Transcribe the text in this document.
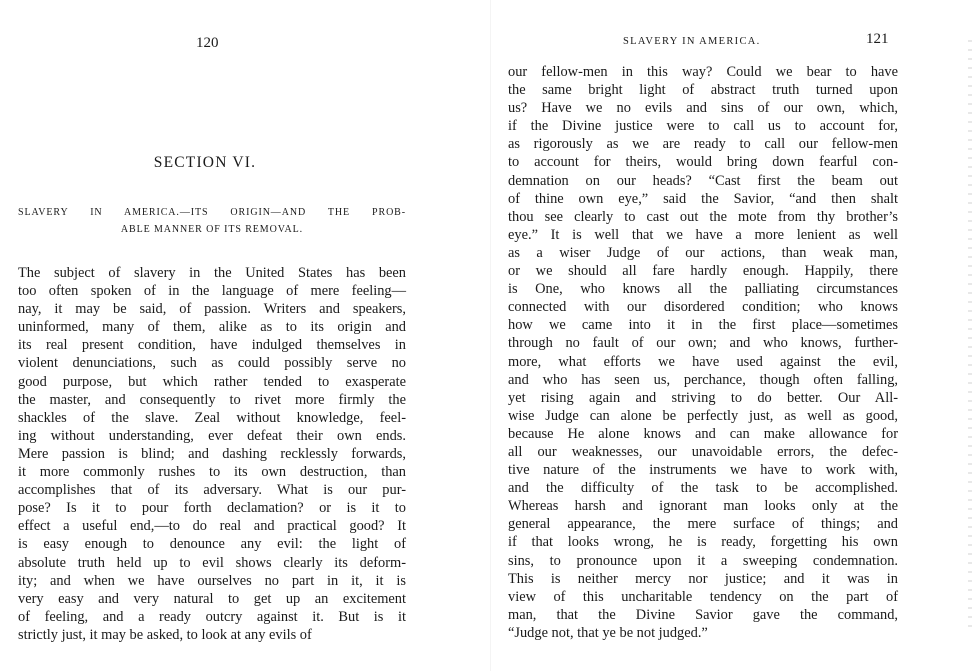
120
SECTION VI.
SLAVERY IN AMERICA.—ITS ORIGIN—AND THE PROB-
ABLE MANNER OF ITS REMOVAL.
The subject of slavery in the United States has been
too often spoken of in the language of mere feeling—
nay, it may be said, of passion. Writers and speakers,
uninformed, many of them, alike as to its origin and
its real present condition, have indulged themselves in
violent denunciations, such as could possibly serve no
good purpose, but which rather tended to exasperate
the master, and consequently to rivet more firmly the
shackles of the slave. Zeal without knowledge, feel-
ing without understanding, ever defeat their own ends.
Mere passion is blind; and dashing recklessly forwards,
it more commonly rushes to its own destruction, than
accomplishes that of its adversary. What is our pur-
pose? Is it to pour forth declamation? or is it to
effect a useful end,—to do real and practical good? It
is easy enough to denounce any evil: the light of
absolute truth held up to evil shows clearly its deform-
ity; and when we have ourselves no part in it, it is
very easy and very natural to get up an excitement
of feeling, and a ready outcry against it. But is it
strictly just, it may be asked, to look at any evils of
SLAVERY IN AMERICA.	121
our fellow-men in this way? Could we bear to have
the same bright light of abstract truth turned upon
us? Have we no evils and sins of our own, which,
if the Divine justice were to call us to account for,
as rigorously as we are ready to call our fellow-men
to account for theirs, would bring down fearful con-
demnation on our heads? “Cast first the beam out
of thine own eye,” said the Savior, “and then shalt
thou see clearly to cast out the mote from thy brother’s
eye.” It is well that we have a more lenient as well
as a wiser Judge of our actions, than weak man,
or we should all fare hardly enough. Happily, there
is One, who knows all the palliating circumstances
connected with our disordered condition; who knows
how we came into it in the first place—sometimes
through no fault of our own; and who knows, further-
more, what efforts we have used against the evil,
and who has seen us, perchance, though often falling,
yet rising again and striving to do better. Our All-
wise Judge can alone be perfectly just, as well as good,
because He alone knows and can make allowance for
all our weaknesses, our unavoidable errors, the defec-
tive nature of the instruments we have to work with,
and the difficulty of the task to be accomplished.
Whereas harsh and ignorant man looks only at the
general appearance, the mere surface of things; and
if that looks wrong, he is ready, forgetting his own
sins, to pronounce upon it a sweeping condemnation.
This is neither mercy nor justice; and it was in
view of this uncharitable tendency on the part of
man, that the Divine Savior gave the command,
“Judge not, that ye be not judged.”
